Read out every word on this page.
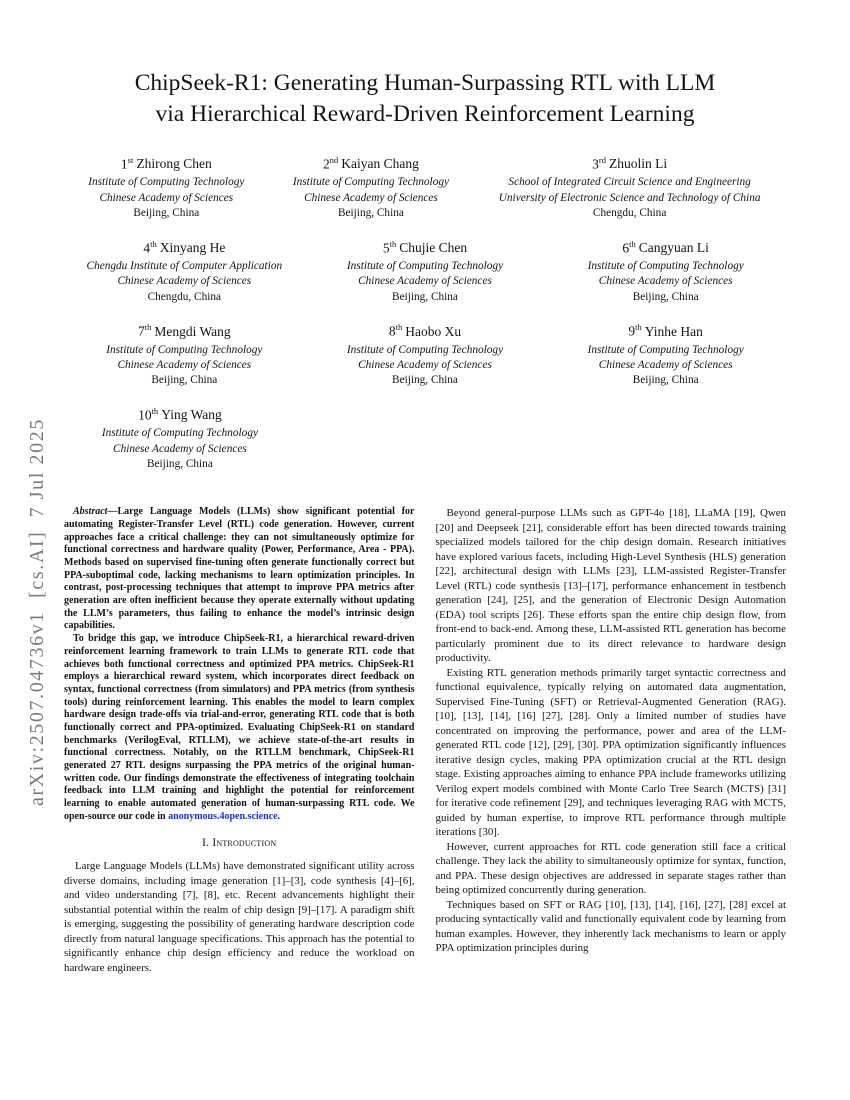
arXiv:2507.04736v1  [cs.AI]  7 Jul 2025
ChipSeek-R1: Generating Human-Surpassing RTL with LLM
via Hierarchical Reward-Driven Reinforcement Learning
1st Zhirong Chen
Institute of Computing Technology
Chinese Academy of Sciences
Beijing, China
2nd Kaiyan Chang
Institute of Computing Technology
Chinese Academy of Sciences
Beijing, China
3rd Zhuolin Li
School of Integrated Circuit Science and Engineering
University of Electronic Science and Technology of China
Chengdu, China
4th Xinyang He
Chengdu Institute of Computer Application
Chinese Academy of Sciences
Chengdu, China
5th Chujie Chen
Institute of Computing Technology
Chinese Academy of Sciences
Beijing, China
6th Cangyuan Li
Institute of Computing Technology
Chinese Academy of Sciences
Beijing, China
7th Mengdi Wang
Institute of Computing Technology
Chinese Academy of Sciences
Beijing, China
8th Haobo Xu
Institute of Computing Technology
Chinese Academy of Sciences
Beijing, China
9th Yinhe Han
Institute of Computing Technology
Chinese Academy of Sciences
Beijing, China
10th Ying Wang
Institute of Computing Technology
Chinese Academy of Sciences
Beijing, China

Abstract—Large Language Models (LLMs) show significant potential for automating Register-Transfer Level (RTL) code generation. However, current approaches face a critical challenge: they can not simultaneously optimize for functional correctness and hardware quality (Power, Performance, Area - PPA). Methods based on supervised fine-tuning often generate functionally correct but PPA-suboptimal code, lacking mechanisms to learn optimization principles. In contrast, post-processing techniques that attempt to improve PPA metrics after generation are often inefficient because they operate externally without updating the LLM’s parameters, thus failing to enhance the model’s intrinsic design capabilities.

To bridge this gap, we introduce ChipSeek-R1, a hierarchical reward-driven reinforcement learning framework to train LLMs to generate RTL code that achieves both functional correctness and optimized PPA metrics. ChipSeek-R1 employs a hierarchical reward system, which incorporates direct feedback on syntax, functional correctness (from simulators) and PPA metrics (from synthesis tools) during reinforcement learning. This enables the model to learn complex hardware design trade-offs via trial-and-error, generating RTL code that is both functionally correct and PPA-optimized. Evaluating ChipSeek-R1 on standard benchmarks (VerilogEval, RTLLM), we achieve state-of-the-art results in functional correctness. Notably, on the RTLLM benchmark, ChipSeek-R1 generated 27 RTL designs surpassing the PPA metrics of the original human-written code. Our findings demonstrate the effectiveness of integrating toolchain feedback into LLM training and highlight the potential for reinforcement learning to enable automated generation of human-surpassing RTL code. We open-source our code in anonymous.4open.science.

I. Introduction

Large Language Models (LLMs) have demonstrated significant utility across diverse domains, including image generation [1]–[3], code synthesis [4]–[6], and video understanding [7], [8], etc. Recent advancements highlight their substantial potential within the realm of chip design [9]–[17]. A paradigm shift is emerging, suggesting the possibility of generating hardware description code directly from natural language specifications. This approach has the potential to significantly enhance chip design efficiency and reduce the workload on hardware engineers.

Beyond general-purpose LLMs such as GPT-4o [18], LLaMA [19], Qwen [20] and Deepseek [21], considerable effort has been directed towards training specialized models tailored for the chip design domain. Research initiatives have explored various facets, including High-Level Synthesis (HLS) generation [22], architectural design with LLMs [23], LLM-assisted Register-Transfer Level (RTL) code synthesis [13]–[17], performance enhancement in testbench generation [24], [25], and the generation of Electronic Design Automation (EDA) tool scripts [26]. These efforts span the entire chip design flow, from front-end to back-end. Among these, LLM-assisted RTL generation has become particularly prominent due to its direct relevance to hardware design productivity.

Existing RTL generation methods primarily target syntactic correctness and functional equivalence, typically relying on automated data augmentation, Supervised Fine-Tuning (SFT) or Retrieval-Augmented Generation (RAG). [10], [13], [14], [16] [27], [28]. Only a limited number of studies have concentrated on improving the performance, power and area of the LLM-generated RTL code [12], [29], [30]. PPA optimization significantly influences iterative design cycles, making PPA optimization crucial at the RTL design stage. Existing approaches aiming to enhance PPA include frameworks utilizing Verilog expert models combined with Monte Carlo Tree Search (MCTS) [31] for iterative code refinement [29], and techniques leveraging RAG with MCTS, guided by human expertise, to improve RTL performance through multiple iterations [30].

However, current approaches for RTL code generation still face a critical challenge. They lack the ability to simultaneously optimize for syntax, function, and PPA. These design objectives are addressed in separate stages rather than being optimized concurrently during generation.

Techniques based on SFT or RAG [10], [13], [14], [16], [27], [28] excel at producing syntactically valid and functionally equivalent code by learning from human examples. However, they inherently lack mechanisms to learn or apply PPA optimization principles during
